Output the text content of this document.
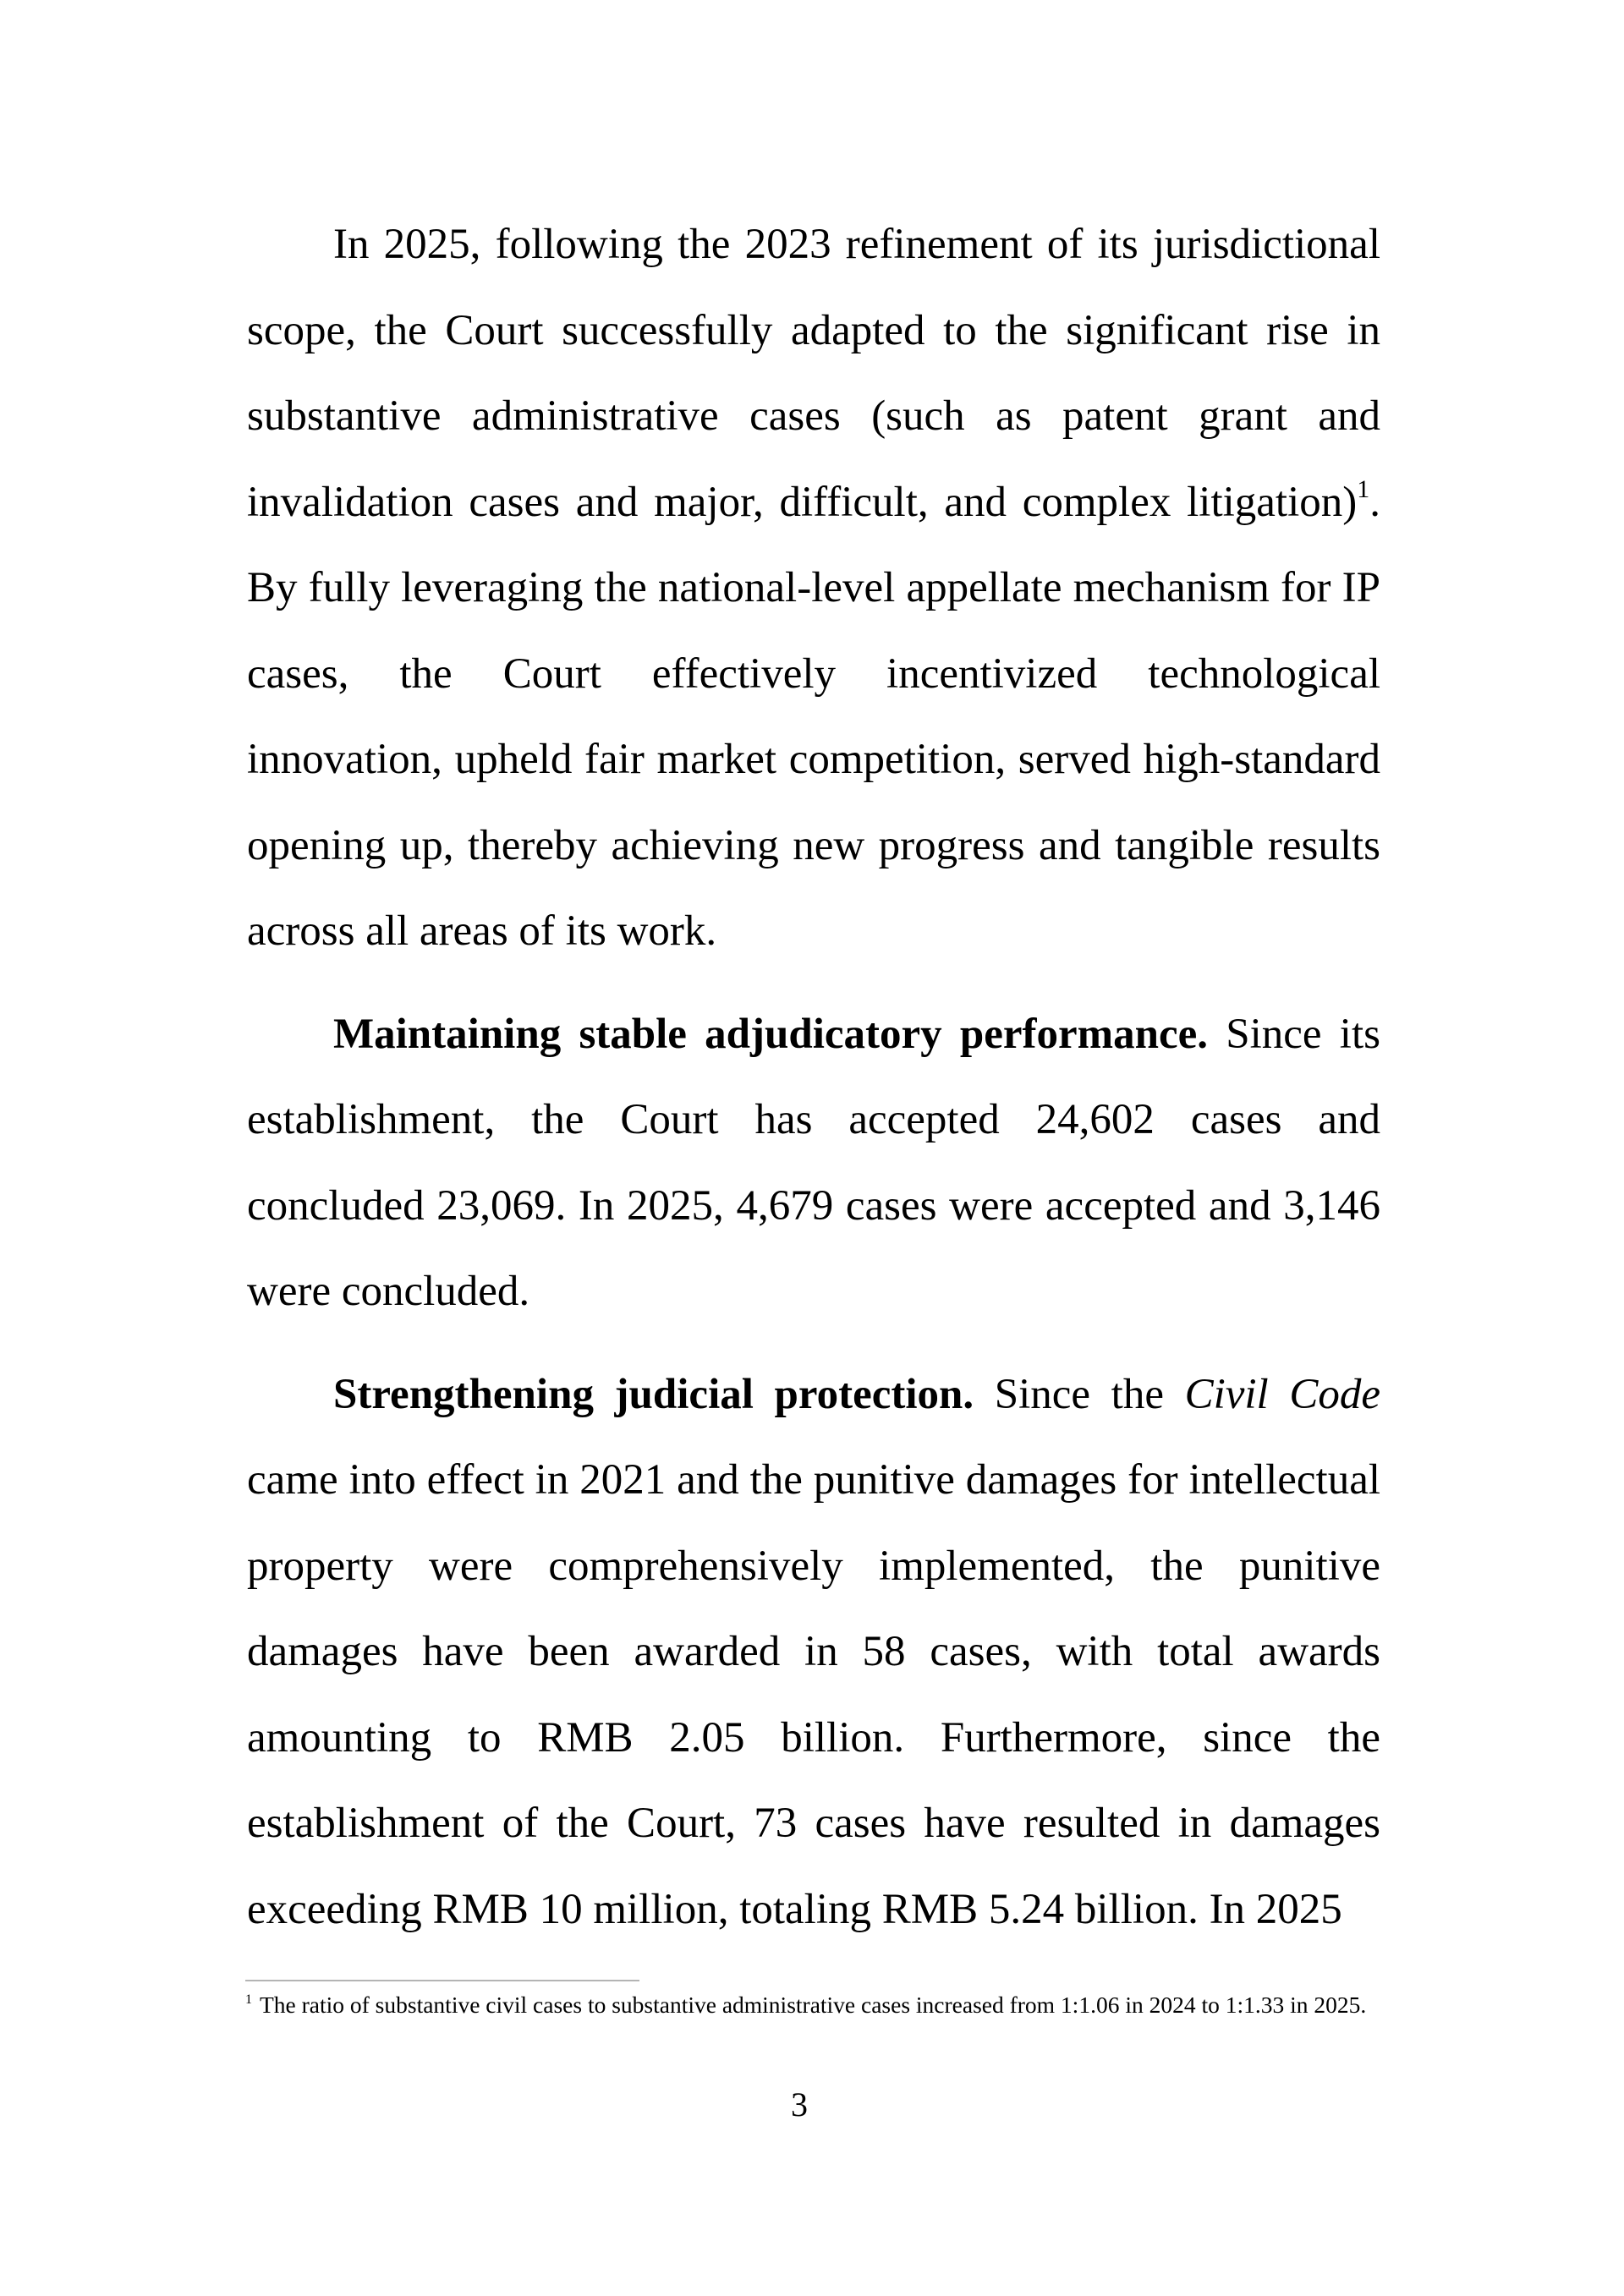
In 2025, following the 2023 refinement of its jurisdictional scope, the Court successfully adapted to the significant rise in substantive administrative cases (such as patent grant and invalidation cases and major, difficult, and complex litigation)$^1$. By fully leveraging the national-level appellate mechanism for IP cases, the Court effectively incentivized technological innovation, upheld fair market competition, served high-standard opening up, thereby achieving new progress and tangible results across all areas of its work.

Maintaining stable adjudicatory performance. Since its establishment, the Court has accepted 24,602 cases and concluded 23,069. In 2025, 4,679 cases were accepted and 3,146 were concluded.

Strengthening judicial protection. Since the Civil Code came into effect in 2021 and the punitive damages for intellectual property were comprehensively implemented, the punitive damages have been awarded in 58 cases, with total awards amounting to RMB 2.05 billion. Furthermore, since the establishment of the Court, 73 cases have resulted in damages exceeding RMB 10 million, totaling RMB 5.24 billion. In 2025

$^1$ The ratio of substantive civil cases to substantive administrative cases increased from 1:1.06 in 2024 to 1:1.33 in 2025.
3
